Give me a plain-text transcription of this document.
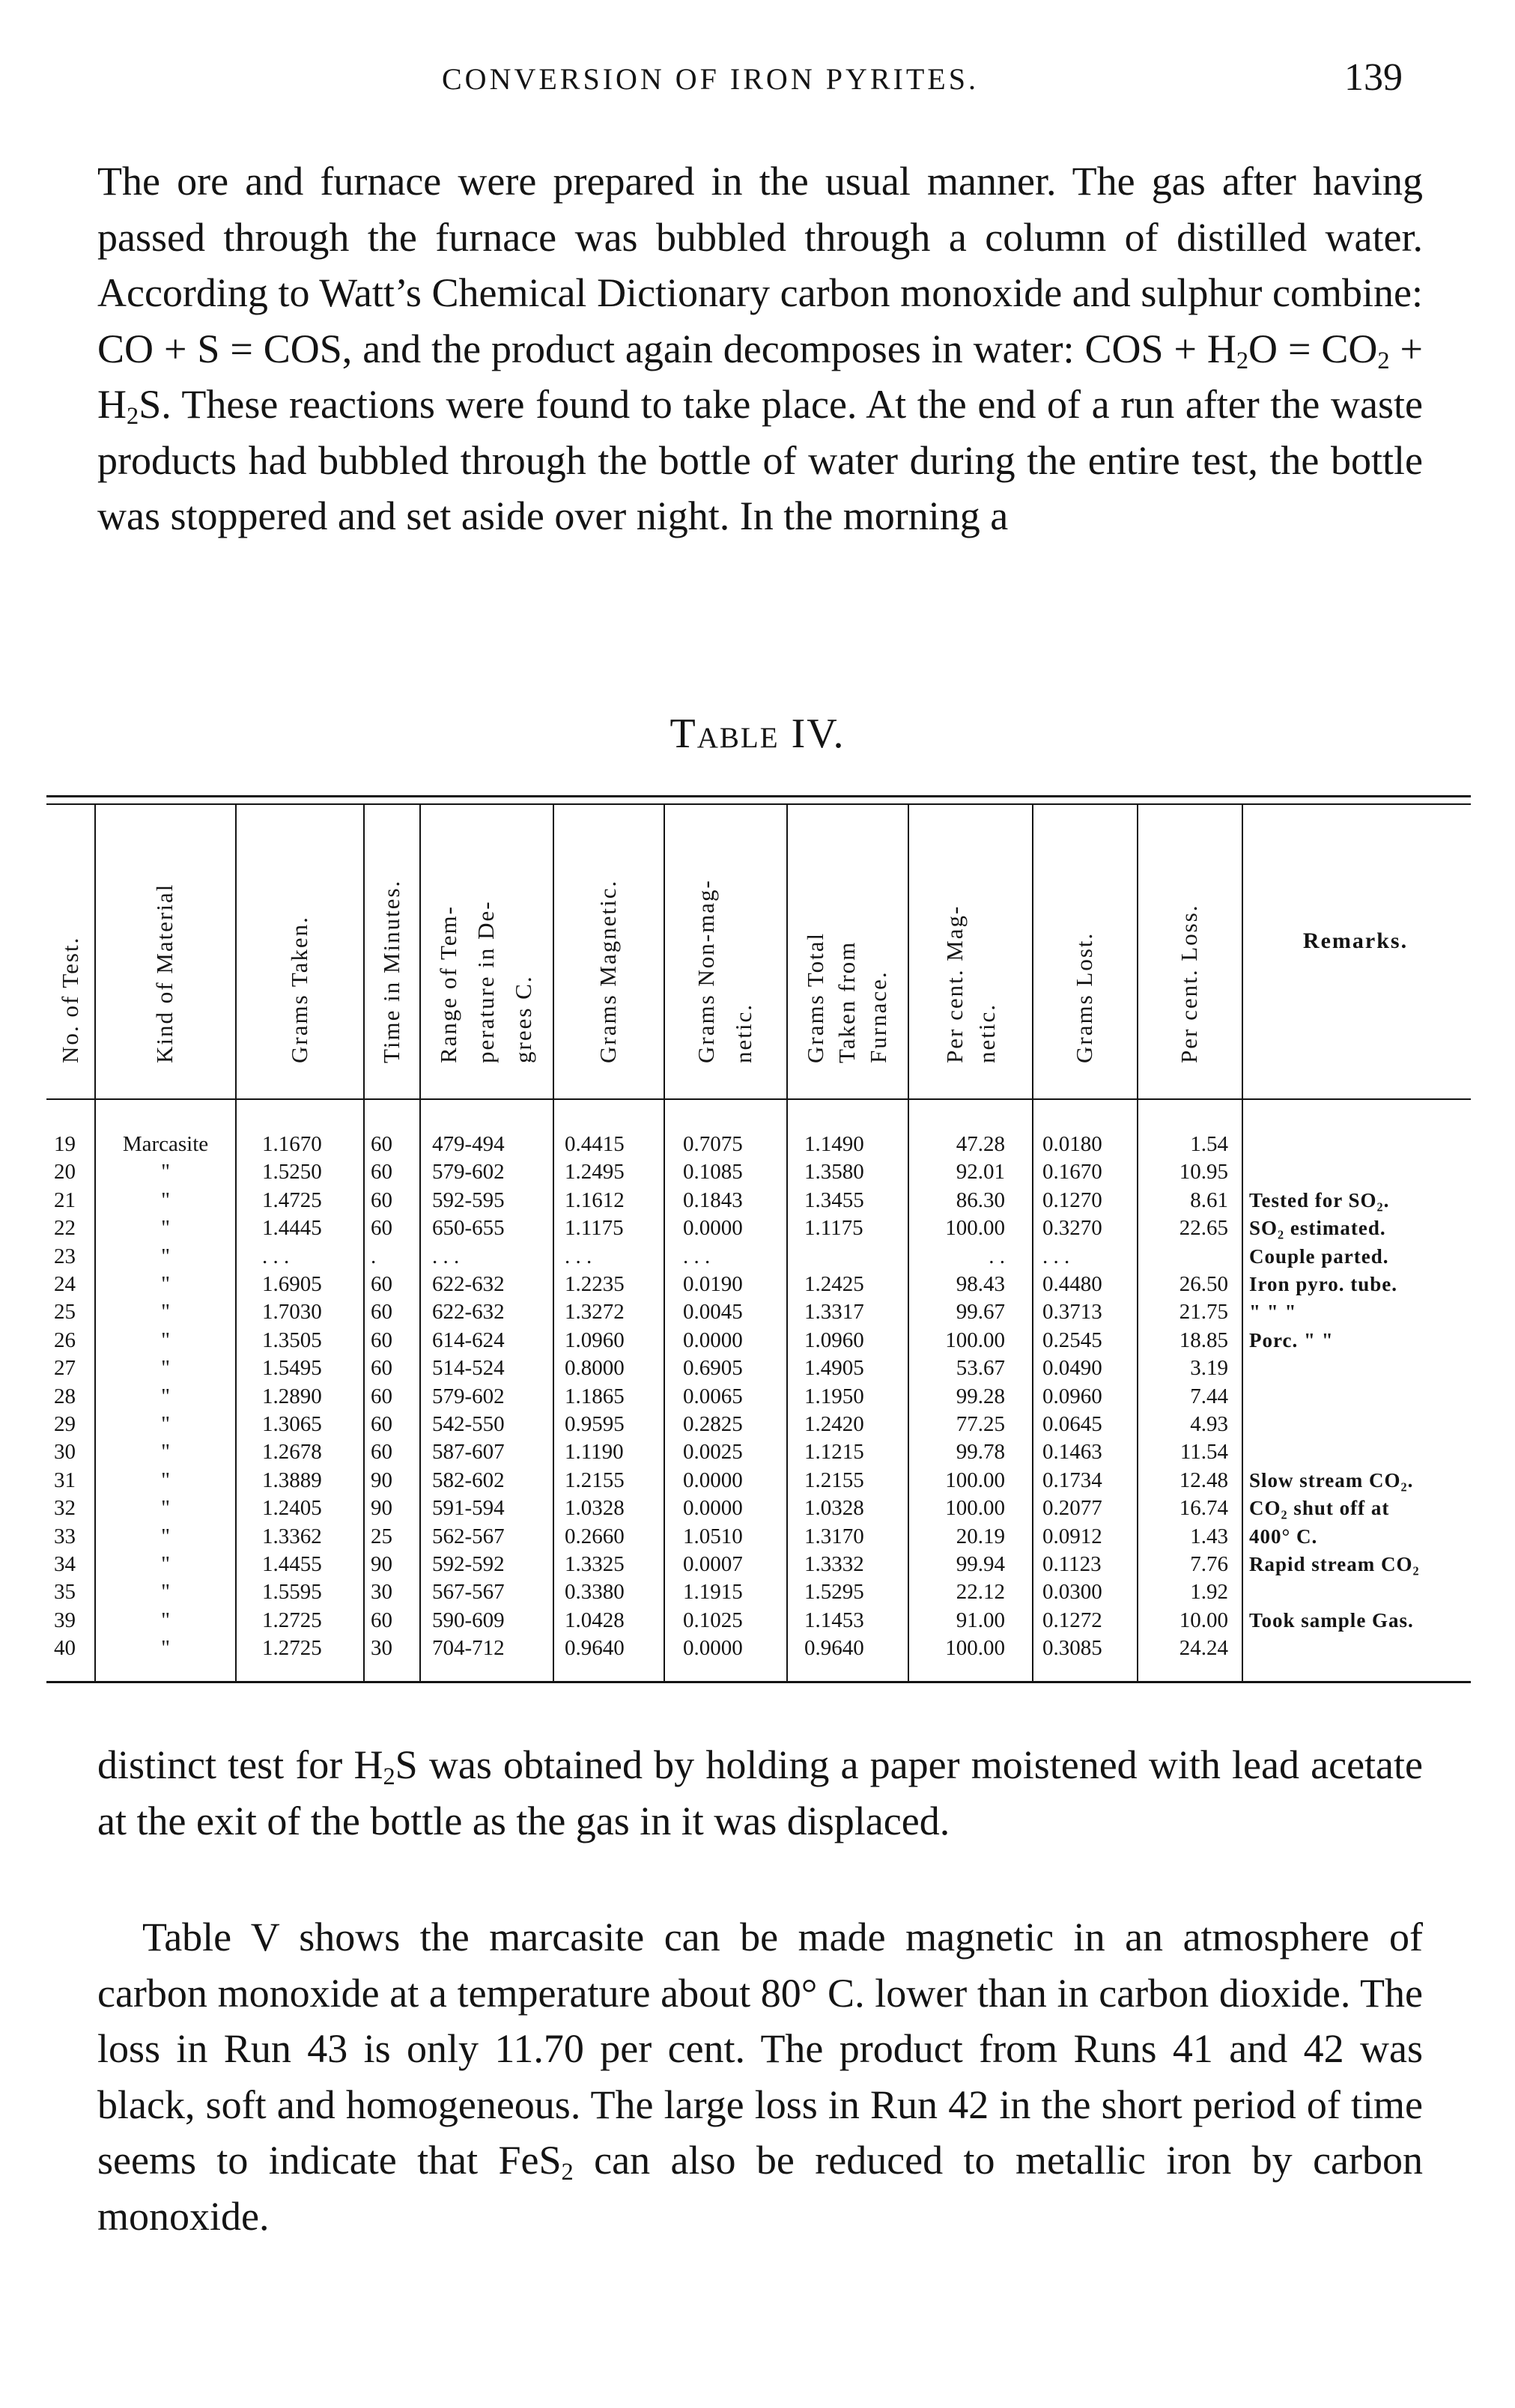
CONVERSION OF IRON PYRITES.	139

The ore and furnace were prepared in the usual manner. The gas after having passed through the furnace was bubbled through a column of distilled water. According to Watt’s Chemical Dictionary carbon monoxide and sulphur combine: CO + S = COS, and the product again decomposes in water: COS + $H_2O = CO_2 + H_2S$. These reactions were found to take place. At the end of a run after the waste products had bubbled through the bottle of water during the entire test, the bottle was stoppered and set aside over night. In the morning a

Table IV.
No. of Test.	Kind of Material	Grams Taken.	Time in Minutes. Range of Tem- perature in De- grees C.	Grams Magnetic.	Grams Non-mag- netic. Grams Total Taken from Furnace. Per cent. Mag- netic.	Grams Lost.	Per cent. Loss.	Remarks.
19	Marcasite	1.1670	60	479-494	0.4415	0.7075	1.1490	47.28 0.0180	1.54
20	"	1.5250	60	579-602	1.2495	0.1085	1.3580	92.01 0.1670	10.95
21	"	1.4725	60	592-595	1.1612	0.1843	1.3455	86.30 0.1270	8.61 Tested for SO₂.
22	"	1.4445	60	650-655	1.1175	0.0000	1.1175	100.00 0.3270	22.65 SO₂ estimated.
23	"	. . .	.	. . .	. . .	. . .	. . . . .	Couple parted.
24	"	1.6905	60	622-632	1.2235	0.0190	1.2425	98.43 0.4480	26.50 Iron pyro. tube.
25	"	1.7030	60	622-632	1.3272	0.0045	1.3317	99.67 0.3713	21.75 " " "
26	"	1.3505	60	614-624	1.0960	0.0000	1.0960	100.00 0.2545	18.85 Porc. " "
27	"	1.5495	60	514-524	0.8000	0.6905	1.4905	53.67 0.0490	3.19
28	"	1.2890	60	579-602	1.1865	0.0065	1.1950	99.28 0.0960	7.44
29	"	1.3065	60	542-550	0.9595	0.2825	1.2420	77.25 0.0645	4.93
30	"	1.2678	60	587-607	1.1190	0.0025	1.1215	99.78 0.1463	11.54
31	"	1.3889	90	582-602	1.2155	0.0000	1.2155	100.00 0.1734	12.48 Slow stream CO₂.
32	"	1.2405	90	591-594	1.0328	0.0000	1.0328	100.00 0.2077	16.74 CO₂ shut off at
33	"	1.3362	25	562-567	0.2660	1.0510	1.3170	20.19 0.0912	1.43 400° C.
34	"	1.4455	90	592-592	1.3325	0.0007	1.3332	99.94 0.1123	7.76 Rapid stream CO₂
35	"	1.5595	30	567-567	0.3380	1.1915	1.5295	22.12 0.0300	1.92
39	"	1.2725	60	590-609	1.0428	0.1025	1.1453	91.00 0.1272	10.00 Took sample Gas.
40	"	1.2725	30	704-712	0.9640	0.0000	0.9640	100.00 0.3085	24.24

distinct test for $H_2S$ was obtained by holding a paper moistened with lead acetate at the exit of the bottle as the gas in it was displaced.

Table V shows the marcasite can be made magnetic in an atmosphere of carbon monoxide at a temperature about 80° C. lower than in carbon dioxide. The loss in Run 43 is only 11.70 per cent. The product from Runs 41 and 42 was black, soft and homogeneous. The large loss in Run 42 in the short period of time seems to indicate that FeS$_2$ can also be reduced to metallic iron by carbon monoxide.
